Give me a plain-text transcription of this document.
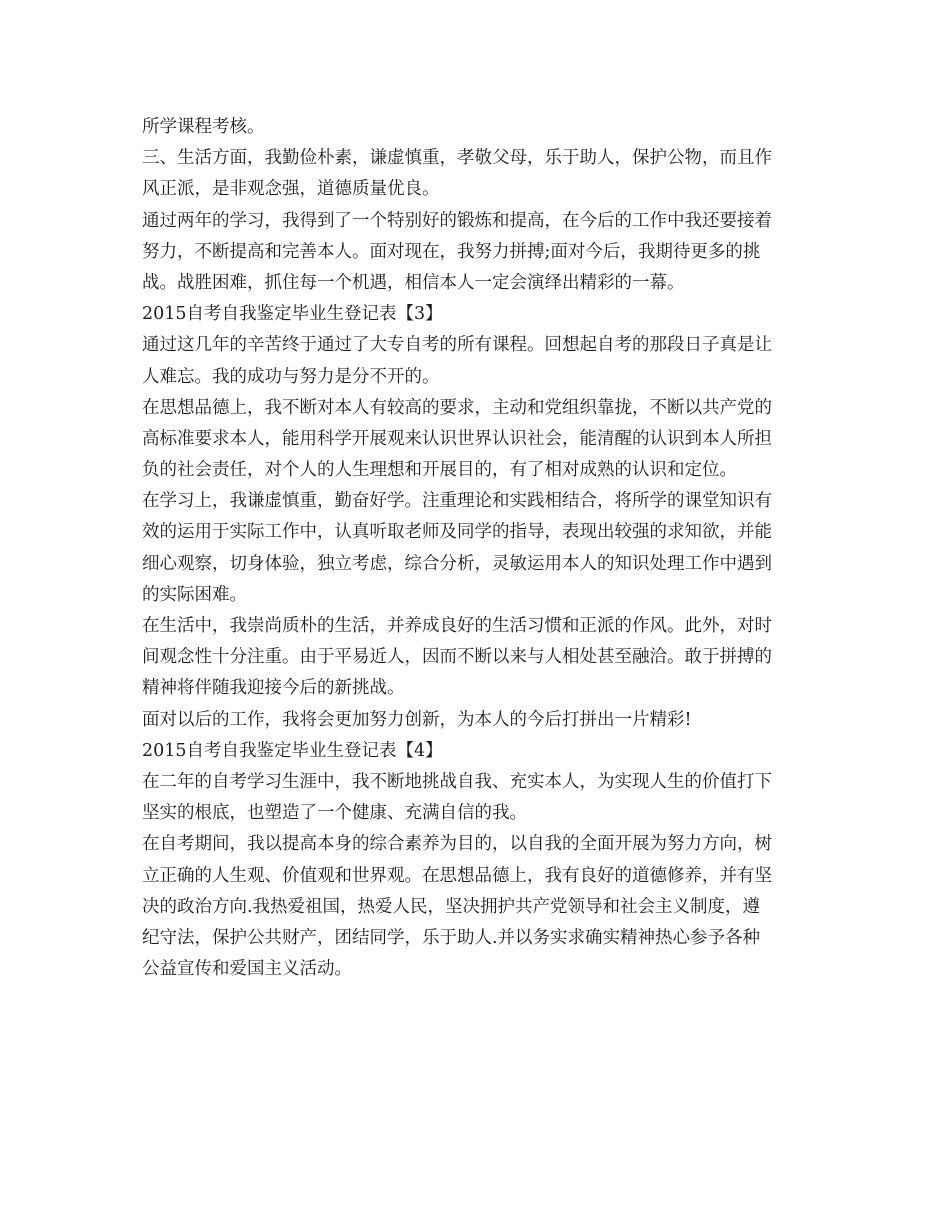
所学课程考核。
三、生活方面，我勤俭朴素，谦虚慎重，孝敬父母，乐于助人，保护公物，而且作
风正派，是非观念强，道德质量优良。
通过两年的学习，我得到了一个特别好的锻炼和提高，在今后的工作中我还要接着
努力，不断提高和完善本人。面对现在，我努力拼搏;面对今后，我期待更多的挑
战。战胜困难，抓住每一个机遇，相信本人一定会演绎出精彩的一幕。
2015自考自我鉴定毕业生登记表【3】
通过这几年的辛苦终于通过了大专自考的所有课程。回想起自考的那段日子真是让
人难忘。我的成功与努力是分不开的。
在思想品德上，我不断对本人有较高的要求，主动和党组织靠拢，不断以共产党的
高标准要求本人，能用科学开展观来认识世界认识社会，能清醒的认识到本人所担
负的社会责任，对个人的人生理想和开展目的，有了相对成熟的认识和定位。
在学习上，我谦虚慎重，勤奋好学。注重理论和实践相结合，将所学的课堂知识有
效的运用于实际工作中，认真听取老师及同学的指导，表现出较强的求知欲，并能
细心观察，切身体验，独立考虑，综合分析，灵敏运用本人的知识处理工作中遇到
的实际困难。
在生活中，我崇尚质朴的生活，并养成良好的生活习惯和正派的作风。此外，对时
间观念性十分注重。由于平易近人，因而不断以来与人相处甚至融洽。敢于拼搏的
精神将伴随我迎接今后的新挑战。
面对以后的工作，我将会更加努力创新，为本人的今后打拼出一片精彩!
2015自考自我鉴定毕业生登记表【4】
在二年的自考学习生涯中，我不断地挑战自我、充实本人，为实现人生的价值打下
坚实的根底，也塑造了一个健康、充满自信的我。
在自考期间，我以提高本身的综合素养为目的，以自我的全面开展为努力方向，树
立正确的人生观、价值观和世界观。在思想品德上，我有良好的道德修养，并有坚
决的政治方向.我热爱祖国，热爱人民，坚决拥护共产党领导和社会主义制度，遵
纪守法，保护公共财产，团结同学，乐于助人.并以务实求确实精神热心参予各种
公益宣传和爱国主义活动。
